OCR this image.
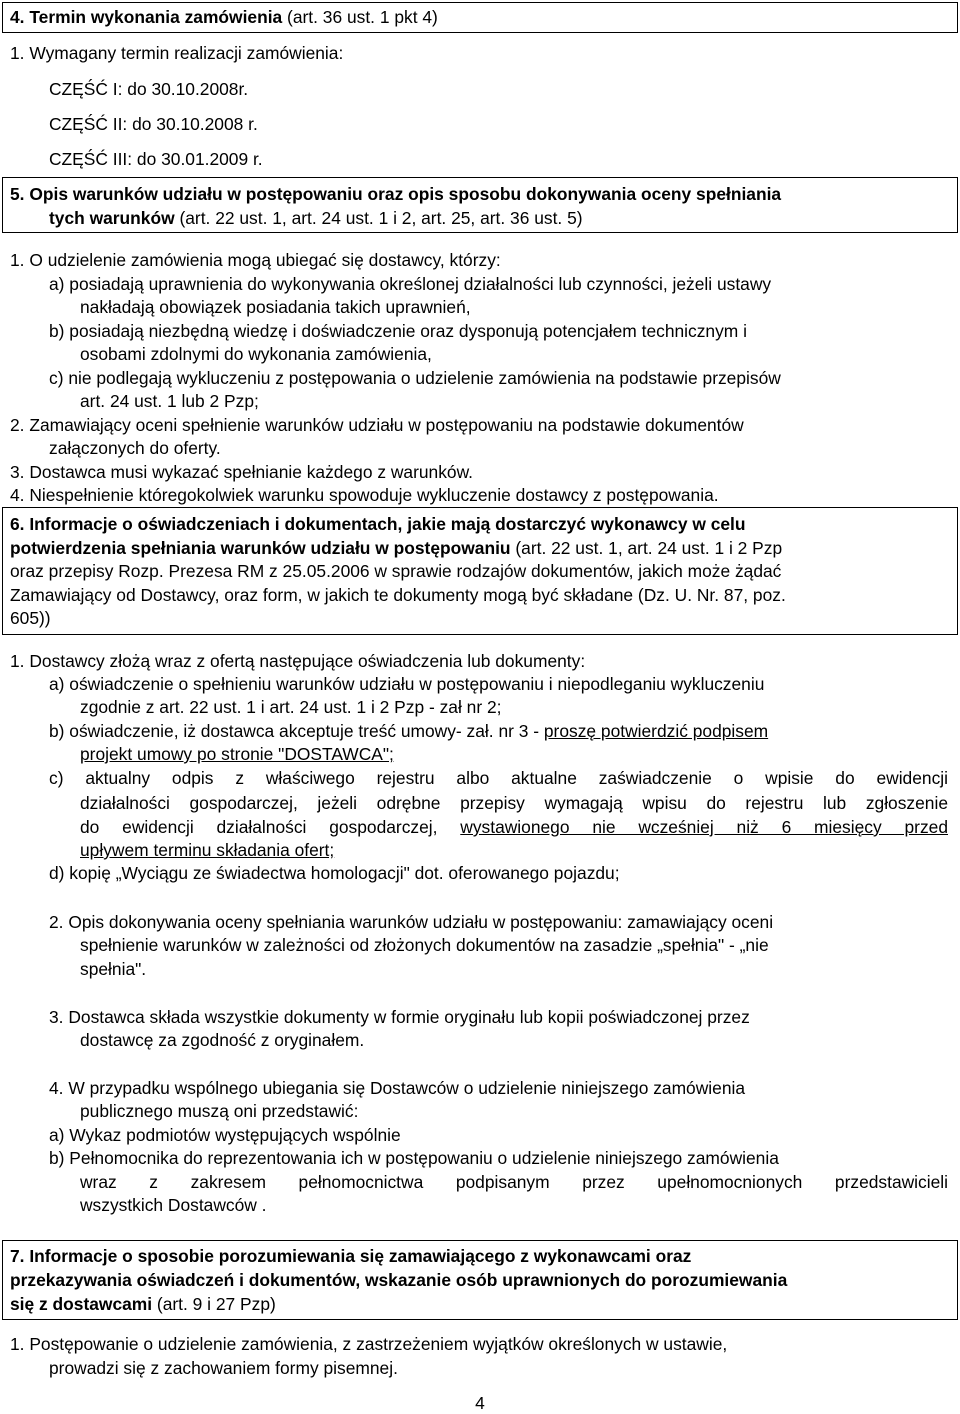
4. Termin wykonania zamówienia (art. 36 ust. 1 pkt 4)
1. Wymagany termin realizacji zamówienia:
CZĘŚĆ I: do 30.10.2008r.
CZĘŚĆ II: do 30.10.2008 r.
CZĘŚĆ III: do 30.01.2009 r.
5. Opis warunków udziału w postępowaniu oraz opis sposobu dokonywania oceny spełniania
tych warunków (art. 22 ust. 1, art. 24 ust. 1 i 2, art. 25, art. 36 ust. 5)
1. O udzielenie zamówienia mogą ubiegać się dostawcy, którzy:
a) posiadają uprawnienia do wykonywania określonej działalności lub czynności, jeżeli ustawy
nakładają obowiązek posiadania takich uprawnień,
b) posiadają niezbędną wiedzę i doświadczenie oraz dysponują potencjałem technicznym i
osobami zdolnymi do wykonania zamówienia,
c) nie podlegają wykluczeniu z postępowania o udzielenie zamówienia na podstawie przepisów
art. 24 ust. 1 lub 2 Pzp;
2. Zamawiający oceni spełnienie warunków udziału w postępowaniu na podstawie dokumentów
załączonych do oferty.
3. Dostawca musi wykazać spełnianie każdego z warunków.
4. Niespełnienie któregokolwiek warunku spowoduje wykluczenie dostawcy z postępowania.
6. Informacje o oświadczeniach i dokumentach, jakie mają dostarczyć wykonawcy w celu
potwierdzenia spełniania warunków udziału w postępowaniu (art. 22 ust. 1, art. 24 ust. 1 i 2 Pzp
oraz przepisy Rozp. Prezesa RM z 25.05.2006 w sprawie rodzajów dokumentów, jakich może żądać
Zamawiający od Dostawcy, oraz form, w jakich te dokumenty mogą być składane (Dz. U. Nr. 87, poz.
605))
1. Dostawcy złożą wraz z ofertą następujące oświadczenia lub dokumenty:
a) oświadczenie o spełnieniu warunków udziału w postępowaniu i niepodleganiu wykluczeniu
zgodnie z art. 22 ust. 1 i art. 24 ust. 1 i 2 Pzp - zał nr 2;
b) oświadczenie, iż dostawca akceptuje treść umowy- zał. nr 3 - proszę potwierdzić podpisem
projekt umowy po stronie "DOSTAWCA";
c) aktualny odpis z właściwego rejestru albo aktualne zaświadczenie o wpisie do ewidencji
działalności gospodarczej, jeżeli odrębne przepisy wymagają wpisu do rejestru lub zgłoszenie
do ewidencji działalności gospodarczej, wystawionego nie wcześniej niż 6 miesięcy przed
upływem terminu składania ofert;
d) kopię „Wyciągu ze świadectwa homologacji" dot. oferowanego pojazdu;
2. Opis dokonywania oceny spełniania warunków udziału w postępowaniu: zamawiający oceni
spełnienie warunków w zależności od złożonych dokumentów na zasadzie „spełnia" - „nie
spełnia".
3. Dostawca składa wszystkie dokumenty w formie oryginału lub kopii poświadczonej przez
dostawcę za zgodność z oryginałem.
4. W przypadku wspólnego ubiegania się Dostawców o udzielenie niniejszego zamówienia
publicznego muszą oni przedstawić:
a) Wykaz podmiotów występujących wspólnie
b) Pełnomocnika do reprezentowania ich w postępowaniu o udzielenie niniejszego zamówienia
wraz z zakresem pełnomocnictwa podpisanym przez upełnomocnionych przedstawicieli
wszystkich Dostawców .
7. Informacje o sposobie porozumiewania się zamawiającego z wykonawcami oraz
przekazywania oświadczeń i dokumentów, wskazanie osób uprawnionych do porozumiewania
się z dostawcami (art. 9 i 27 Pzp)
1. Postępowanie o udzielenie zamówienia, z zastrzeżeniem wyjątków określonych w ustawie,
prowadzi się z zachowaniem formy pisemnej.
4
